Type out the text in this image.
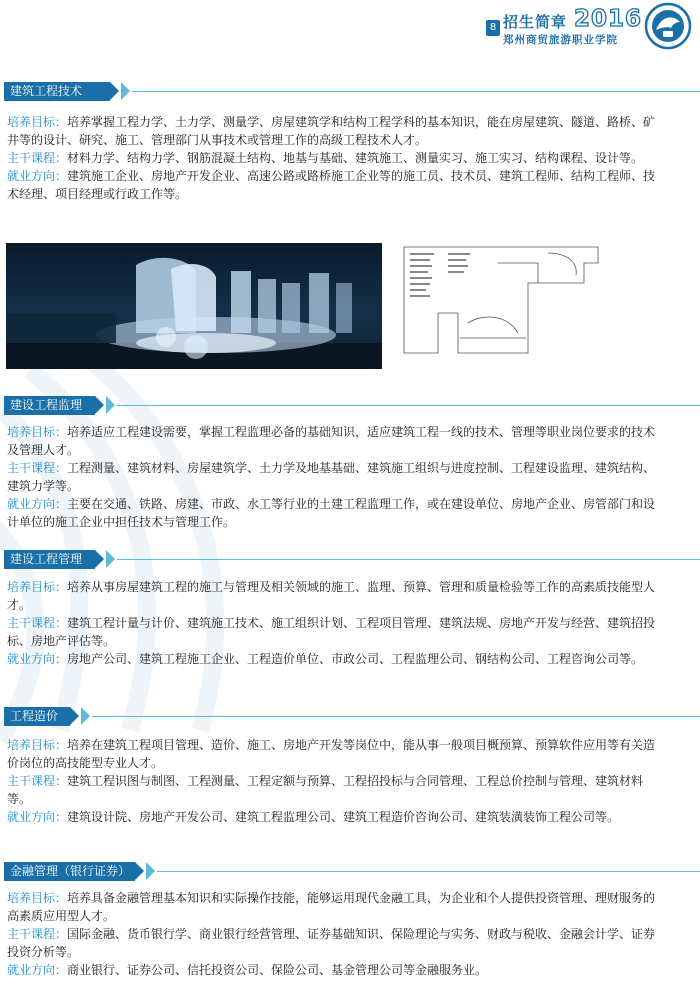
8 招生简章 2016
郑州商贸旅游职业学院
建筑工程技术
培养目标：培养掌握工程力学、土力学、测量学、房屋建筑学和结构工程学科的基本知识，能在房屋建筑、隧道、路桥、矿井等的设计、研究、施工、管理部门从事技术或管理工作的高级工程技术人才。
主干课程：材料力学、结构力学、钢筋混凝土结构、地基与基础、建筑施工、测量实习、施工实习、结构课程、设计等。
就业方向：建筑施工企业、房地产开发企业、高速公路或路桥施工企业等的施工员、技术员、建筑工程师、结构工程师、技术经理、项目经理或行政工作等。
建设工程监理
培养目标：培养适应工程建设需要，掌握工程监理必备的基础知识，适应建筑工程一线的技术、管理等职业岗位要求的技术及管理人才。
主干课程：工程测量、建筑材料、房屋建筑学、土力学及地基基础、建筑施工组织与进度控制、工程建设监理、建筑结构、建筑力学等。
就业方向：主要在交通、铁路、房建、市政、水工等行业的土建工程监理工作，或在建设单位、房地产企业、房管部门和设计单位的施工企业中担任技术与管理工作。
建设工程管理
培养目标：培养从事房屋建筑工程的施工与管理及相关领域的施工、监理、预算、管理和质量检验等工作的高素质技能型人才。
主干课程：建筑工程计量与计价、建筑施工技术、施工组织计划、工程项目管理、建筑法规、房地产开发与经营、建筑招投标、房地产评估等。
就业方向：房地产公司、建筑工程施工企业、工程造价单位、市政公司、工程监理公司、钢结构公司、工程咨询公司等。
工程造价
培养目标：培养在建筑工程项目管理、造价、施工、房地产开发等岗位中，能从事一般项目概预算、预算软件应用等有关造价岗位的高技能型专业人才。
主干课程：建筑工程识图与制图、工程测量、工程定额与预算、工程招投标与合同管理、工程总价控制与管理、建筑材料等。
就业方向：建筑设计院、房地产开发公司、建筑工程监理公司、建筑工程造价咨询公司、建筑装潢装饰工程公司等。
金融管理（银行证券）
培养目标：培养具备金融管理基本知识和实际操作技能，能够运用现代金融工具，为企业和个人提供投资管理、理财服务的高素质应用型人才。
主干课程：国际金融、货币银行学、商业银行经营管理、证券基础知识、保险理论与实务、财政与税收、金融会计学、证券投资分析等。
就业方向：商业银行、证券公司、信托投资公司、保险公司、基金管理公司等金融服务业。
